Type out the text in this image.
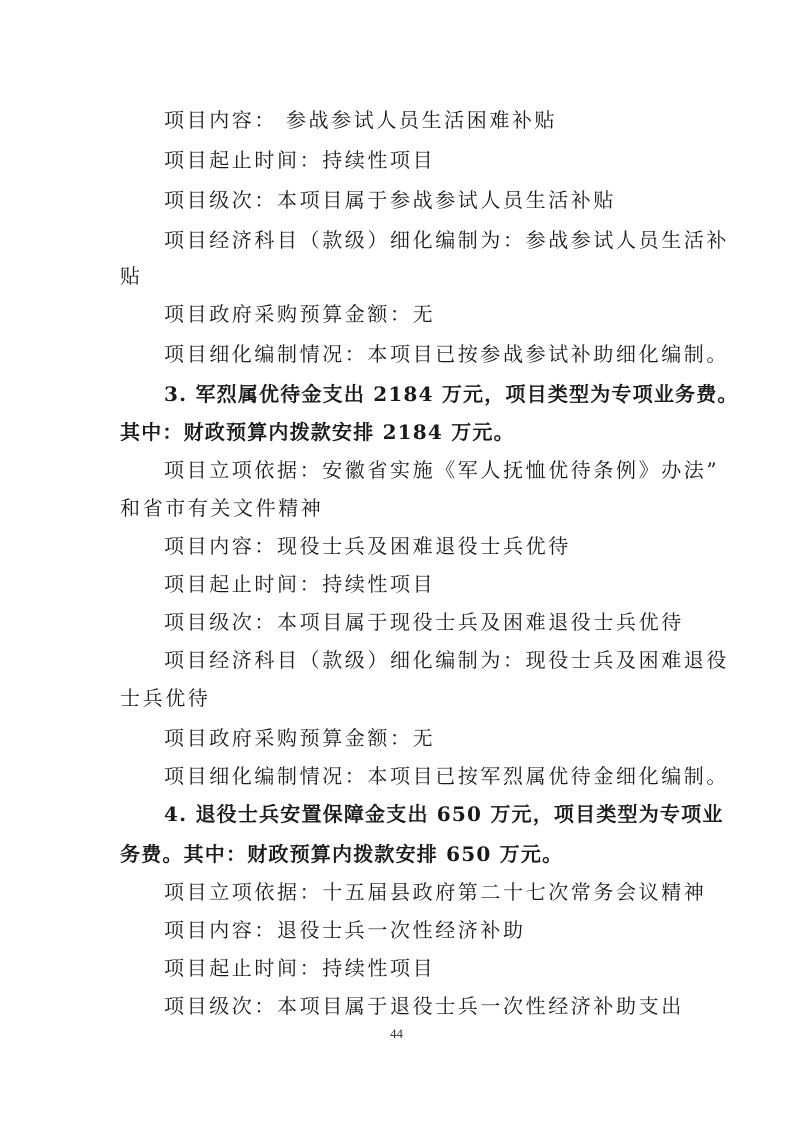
项目内容： 参战参试人员生活困难补贴
项目起止时间：持续性项目
项目级次：本项目属于参战参试人员生活补贴
项目经济科目（款级）细化编制为：参战参试人员生活补
贴
项目政府采购预算金额：无
项目细化编制情况：本项目已按参战参试补助细化编制。
3. 军烈属优待金支出 2184 万元，项目类型为专项业务费。
其中：财政预算内拨款安排 2184 万元。
项目立项依据：安徽省实施《军人抚恤优待条例》办法”
和省市有关文件精神
项目内容：现役士兵及困难退役士兵优待
项目起止时间：持续性项目
项目级次：本项目属于现役士兵及困难退役士兵优待
项目经济科目（款级）细化编制为：现役士兵及困难退役
士兵优待
项目政府采购预算金额：无
项目细化编制情况：本项目已按军烈属优待金细化编制。
4. 退役士兵安置保障金支出 650 万元，项目类型为专项业
务费。其中：财政预算内拨款安排 650 万元。
项目立项依据：十五届县政府第二十七次常务会议精神
项目内容：退役士兵一次性经济补助
项目起止时间：持续性项目
项目级次：本项目属于退役士兵一次性经济补助支出
44
